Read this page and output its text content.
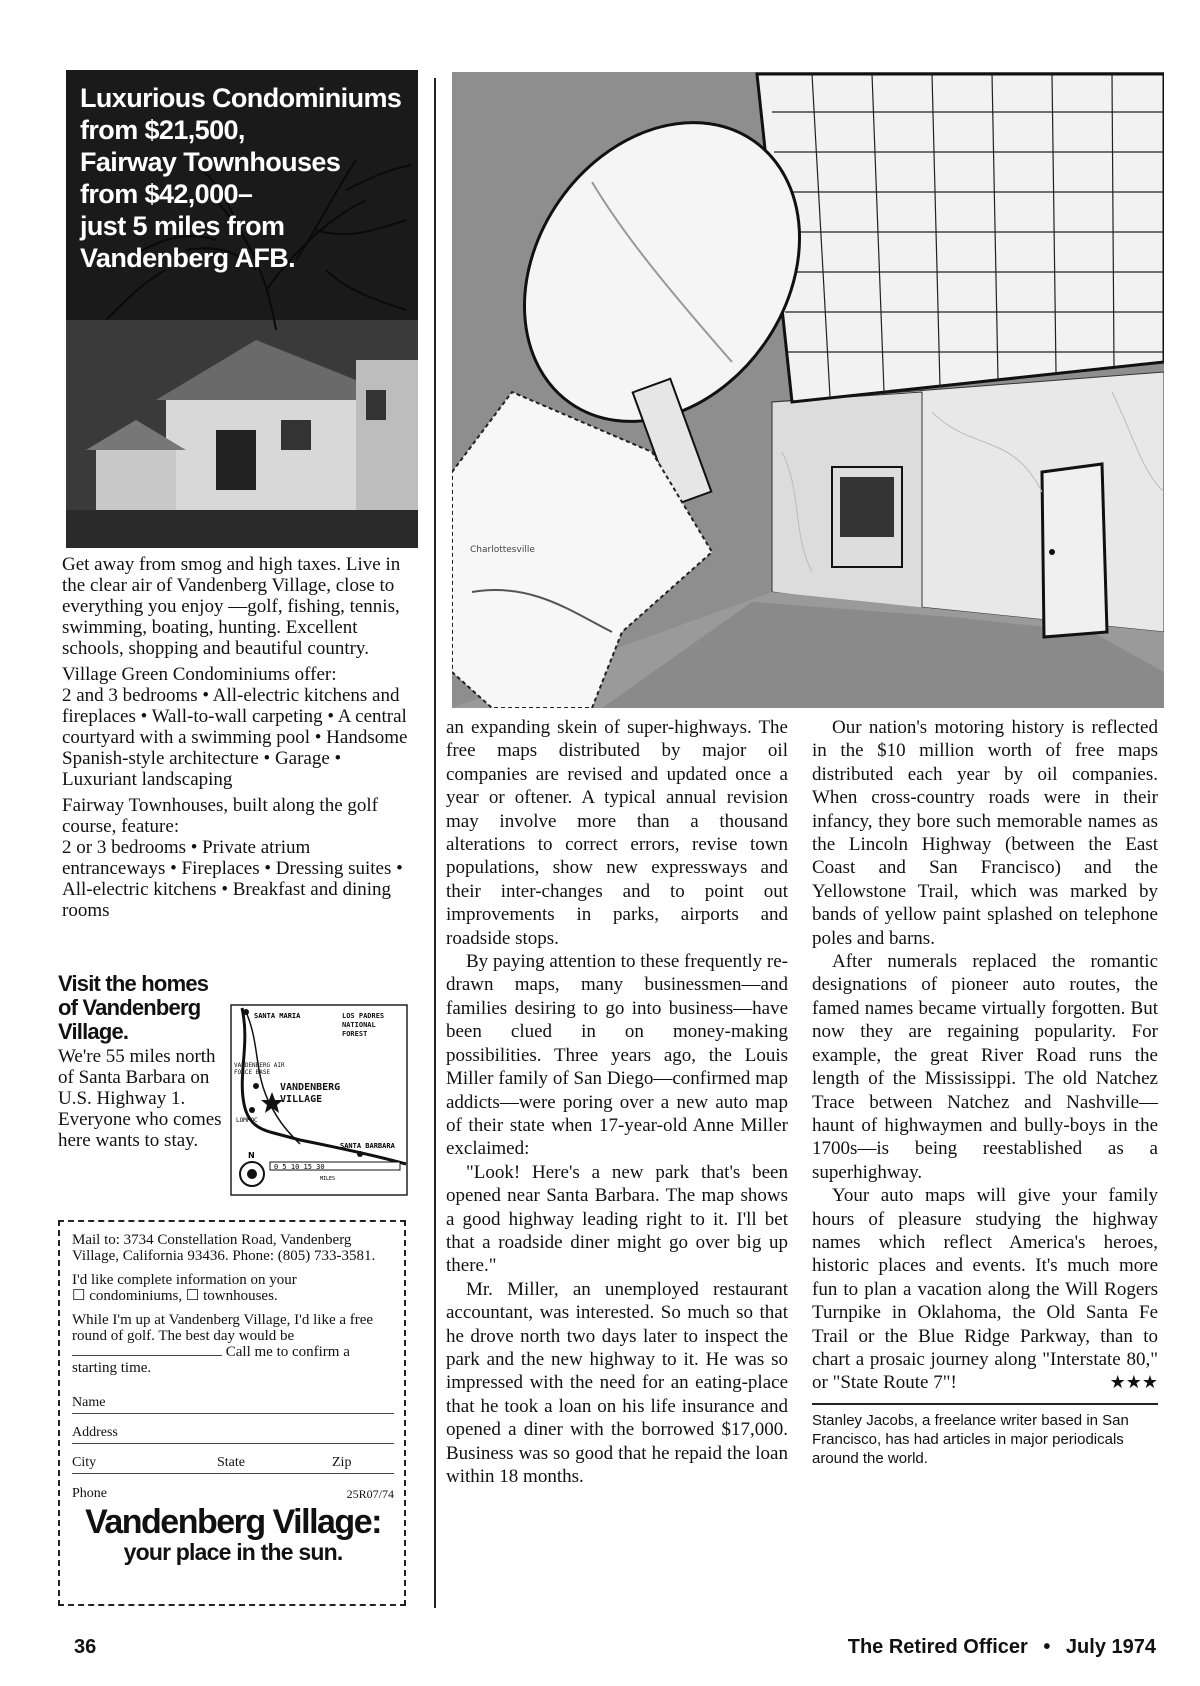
Luxurious Condominiums
from $21,500,
Fairway Townhouses
from $42,000–
just 5 miles from
Vandenberg AFB.

Get away from smog and high taxes. Live in the clear air of Vandenberg Village, close to everything you enjoy —golf, fishing, tennis, swimming, boating, hunting. Excellent schools, shopping and beautiful country.

Village Green Condominiums offer:

2 and 3 bedrooms • All-electric kitchens and fireplaces • Wall-to-wall carpeting • A central courtyard with a swimming pool • Handsome Spanish-style architecture • Garage • Luxuriant landscaping

Fairway Townhouses, built along the golf course, feature:

2 or 3 bedrooms • Private atrium entranceways • Fireplaces • Dressing suites • All-electric kitchens • Breakfast and dining rooms

Visit the homes of Vandenberg Village.
We're 55 miles north of Santa Barbara on U.S. Highway 1. Everyone who comes here wants to stay.
SANTA MARIA	LOS PADRES NATIONAL FOREST
VANDENBERG AIR FORCE BASE
VANDENBERG VILLAGE
LOMPOC
SANTA BARBARA
0 5 10 15 30
MILES
N

Mail to: 3734 Constellation Road, Vandenberg Village, California 93436. Phone: (805) 733-3581.

I'd like complete information on your
☐ condominiums, ☐ townhouses.

While I'm up at Vandenberg Village, I'd like a free round of golf. The best day would be Call me to confirm a starting time.

Name
Address
City	State	Zip
Phone	25R07/74
Vandenberg Village:
your place in the sun.
Charlottesville

an expanding skein of super-highways. The free maps distributed by major oil companies are revised and updated once a year or oftener. A typical annual revision may involve more than a thousand alterations to correct errors, revise town populations, show new expressways and their inter-changes and to point out improvements in parks, airports and roadside stops.

By paying attention to these frequently re-drawn maps, many businessmen—and families desiring to go into business—have been clued in on money-making possibilities. Three years ago, the Louis Miller family of San Diego—confirmed map addicts—were poring over a new auto map of their state when 17-year-old Anne Miller exclaimed:

"Look! Here's a new park that's been opened near Santa Barbara. The map shows a good highway leading right to it. I'll bet that a roadside diner might go over big up there."

Mr. Miller, an unemployed restaurant accountant, was interested. So much so that he drove north two days later to inspect the park and the new highway to it. He was so impressed with the need for an eating-place that he took a loan on his life insurance and opened a diner with the borrowed $17,000. Business was so good that he repaid the loan within 18 months.

Our nation's motoring history is reflected in the $10 million worth of free maps distributed each year by oil companies. When cross-country roads were in their infancy, they bore such memorable names as the Lincoln Highway (between the East Coast and San Francisco) and the Yellowstone Trail, which was marked by bands of yellow paint splashed on telephone poles and barns.

After numerals replaced the romantic designations of pioneer auto routes, the famed names became virtually forgotten. But now they are regaining popularity. For example, the great River Road runs the length of the Mississippi. The old Natchez Trace between Natchez and Nashville—haunt of highwaymen and bully-boys in the 1700s—is being reestablished as a superhighway.

Your auto maps will give your family hours of pleasure studying the highway names which reflect America's heroes, historic places and events. It's much more fun to plan a vacation along the Will Rogers Turnpike in Oklahoma, the Old Santa Fe Trail or the Blue Ridge Parkway, than to chart a prosaic journey along "Interstate 80," or "State Route 7"!	★★★

Stanley Jacobs, a freelance writer based in San Francisco, has had articles in major periodicals around the world.
36	The Retired Officer • July 1974
